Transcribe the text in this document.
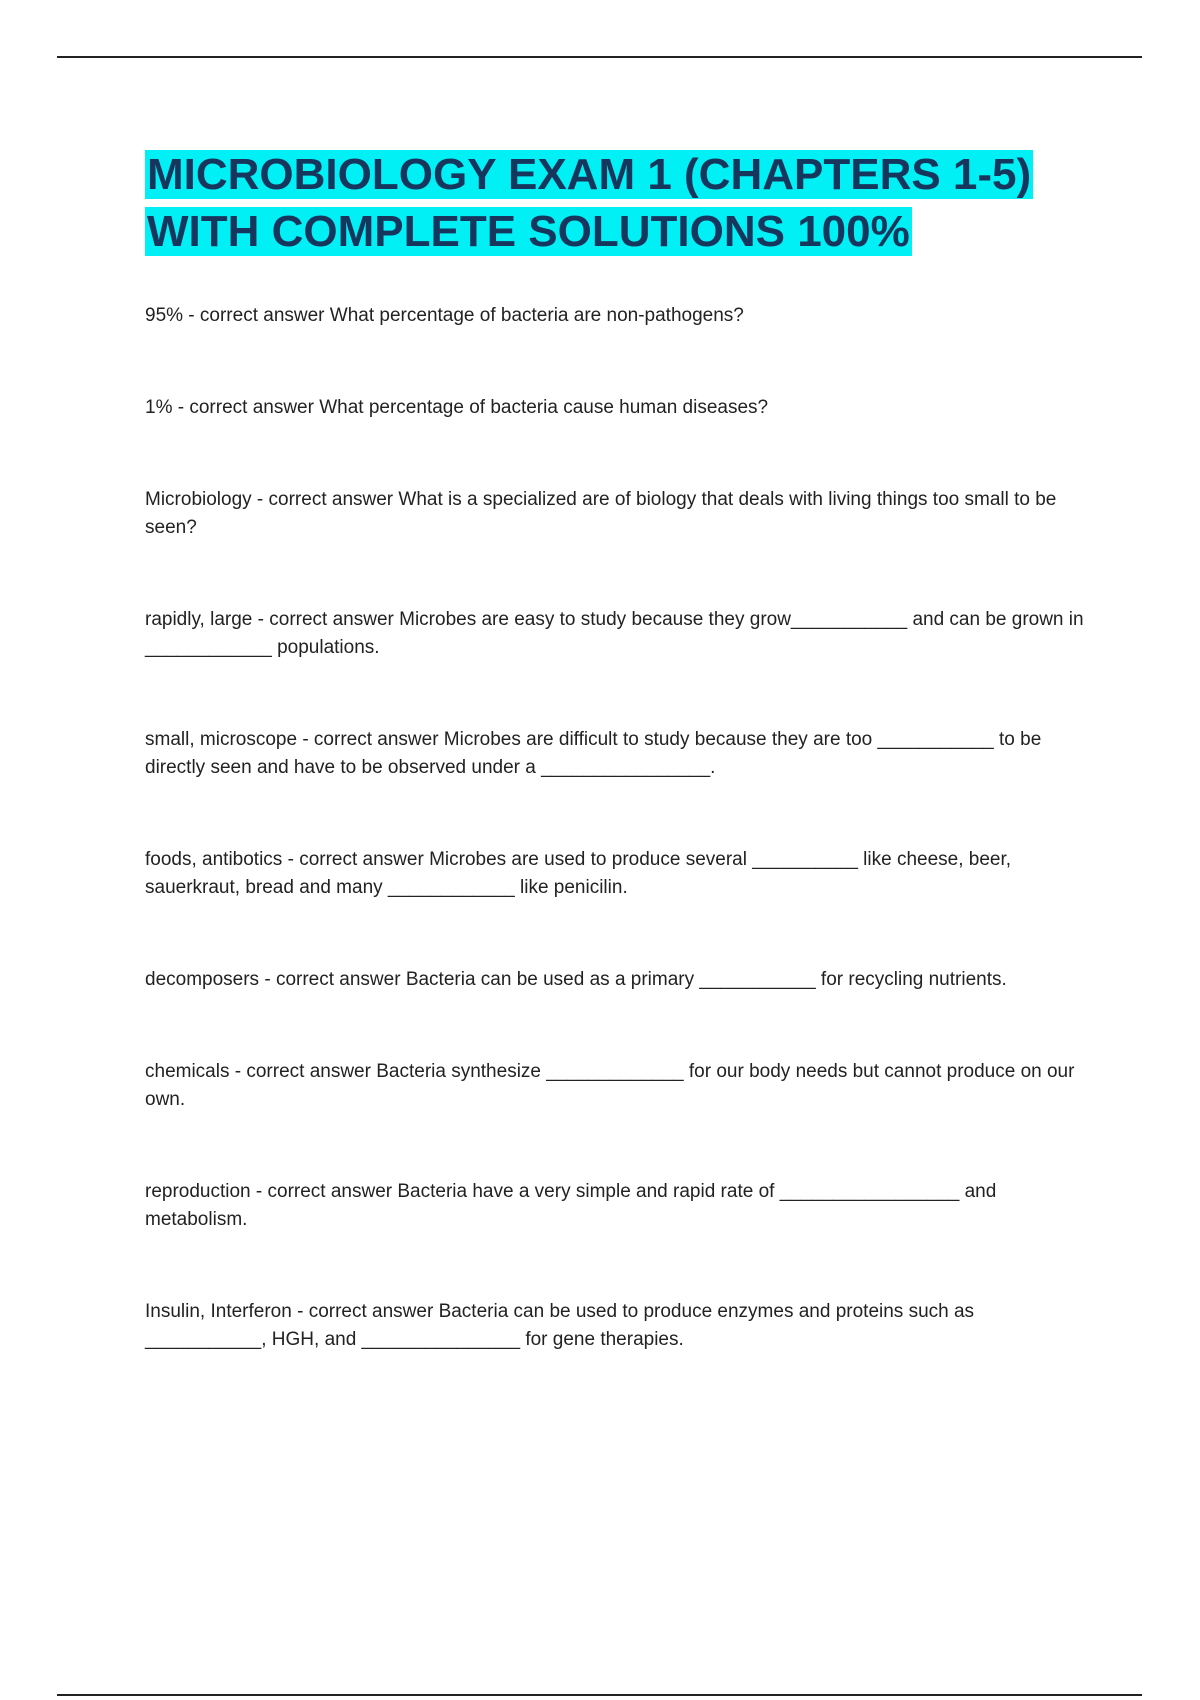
MICROBIOLOGY EXAM 1 (CHAPTERS 1-5) WITH COMPLETE SOLUTIONS 100%
95% - correct answer What percentage of bacteria are non-pathogens?
1% - correct answer What percentage of bacteria cause human diseases?
Microbiology - correct answer What is a specialized are of biology that deals with living things too small to be seen?
rapidly, large - correct answer Microbes are easy to study because they grow___________ and can be grown in ____________ populations.
small, microscope - correct answer Microbes are difficult to study because they are too ___________ to be directly seen and have to be observed under a ________________.
foods, antibotics - correct answer Microbes are used to produce several __________ like cheese, beer, sauerkraut, bread and many ____________ like penicilin.
decomposers - correct answer Bacteria can be used as a primary ___________ for recycling nutrients.
chemicals - correct answer Bacteria synthesize _____________ for our body needs but cannot produce on our own.
reproduction - correct answer Bacteria have a very simple and rapid rate of _________________ and metabolism.
Insulin, Interferon - correct answer Bacteria can be used to produce enzymes and proteins such as ___________, HGH, and _______________ for gene therapies.
